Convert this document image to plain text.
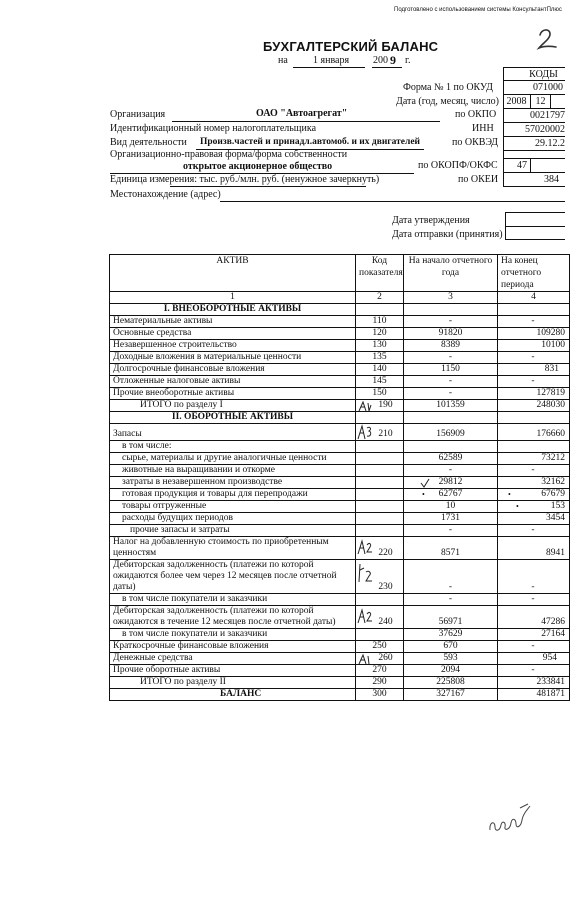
Подготовлено с использованием системы КонсультантПлюс
БУХГАЛТЕРСКИЙ БАЛАНС
на	1 января 200 9 г.
КОДЫ
Форма № 1 по ОКУД	071000
Дата (год, месяц, число) 2008 12
по ОКПО	0021797
ИНН	57020002
по ОКВЭД	29.12.2
по ОКОПФ/ОКФС	47
по ОКЕИ	384
Организация	ОАО "Автоагрегат"
Идентификационный номер налогоплательщика
Вид деятельности Произв.частей и принадл.автомоб. и их двигателей
Организационно-правовая форма/форма собственности
открытое акционерное общество
Единица измерения: тыс. руб./млн. руб. (ненужное зачеркнуть)
Местонахождение (адрес)
Дата утверждения
Дата отправки (принятия)
АКТИВ	Код показателя	На начало отчетного года	На конец отчетного периода
1	2	3	4
I. ВНЕОБОРОТНЫЕ АКТИВЫ			
Нематериальные активы	110	-	-
Основные средства	120	91820	109280
Незавершенное строительство	130	8389	10100
Доходные вложения в материальные ценности	135	-	-
Долгосрочные финансовые вложения	140	1150	831
Отложенные налоговые активы	145	-	-
Прочие внеоборотные активы	150	-	127819
ИТОГО по разделу I	190	101359	248030
II. ОБОРОТНЫЕ АКТИВЫ			
Запасы	210	156909	176660
в том числе:			
сырье, материалы и другие аналогичные ценности		62589	73212
животные на выращивании и откорме		-	-
затраты в незавершенном производстве		29812	32162
готовая продукция и товары для перепродажи		• 62767	• 67679
товары отгруженные		10	• 153
расходы будущих периодов		1731	3454
прочие запасы и затраты		-	-
Налог на добавленную стоимость по приобретенным ценностям	220	8571	8941
Дебиторская задолженность (платежи по которой ожидаются более чем через 12 месяцев после отчетной даты)	230	-	-
в том числе покупатели и заказчики		-	-
Дебиторская задолженность (платежи по которой ожидаются в течение 12 месяцев после отчетной даты)	240	56971	47286
в том числе покупатели и заказчики		37629	27164
Краткосрочные финансовые вложения	250	670	-
Денежные средства	260	593	954
Прочие оборотные активы	270	2094	-
ИТОГО по разделу II	290	225808	233841
БАЛАНС	300	327167	481871
